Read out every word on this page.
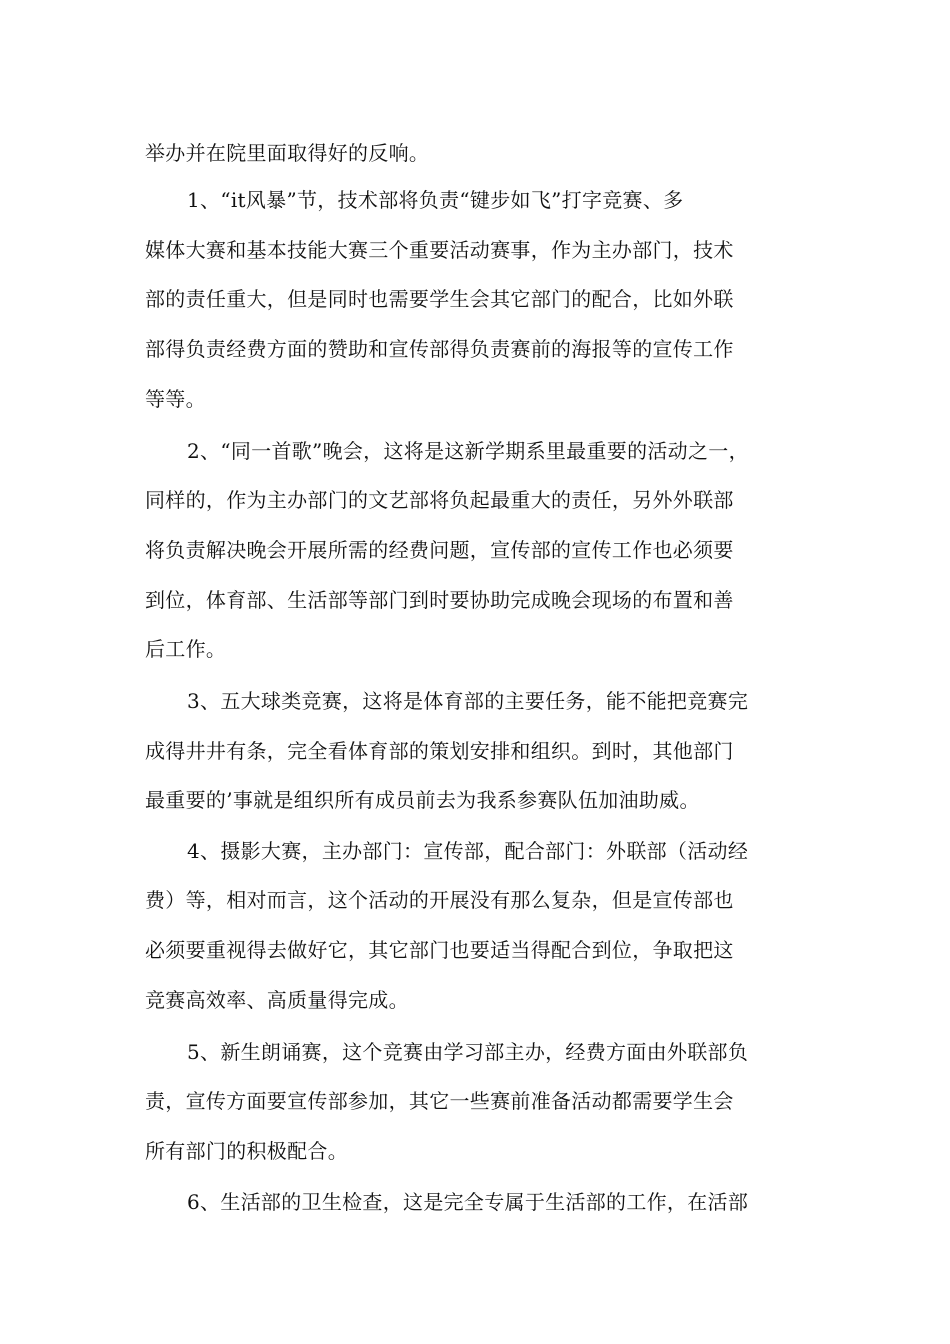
举办并在院里面取得好的反响。
1、“it风暴”节，技术部将负责“键步如飞”打字竞赛、多
媒体大赛和基本技能大赛三个重要活动赛事，作为主办部门，技术
部的责任重大，但是同时也需要学生会其它部门的配合，比如外联
部得负责经费方面的赞助和宣传部得负责赛前的海报等的宣传工作
等等。
2、“同一首歌”晚会，这将是这新学期系里最重要的活动之一，
同样的，作为主办部门的文艺部将负起最重大的责任，另外外联部
将负责解决晚会开展所需的经费问题，宣传部的宣传工作也必须要
到位，体育部、生活部等部门到时要协助完成晚会现场的布置和善
后工作。
3、五大球类竞赛，这将是体育部的主要任务，能不能把竞赛完
成得井井有条，完全看体育部的策划安排和组织。到时，其他部门
最重要的’事就是组织所有成员前去为我系参赛队伍加油助威。
4、摄影大赛，主办部门：宣传部，配合部门：外联部（活动经
费）等，相对而言，这个活动的开展没有那么复杂，但是宣传部也
必须要重视得去做好它，其它部门也要适当得配合到位，争取把这
竞赛高效率、高质量得完成。
5、新生朗诵赛，这个竞赛由学习部主办，经费方面由外联部负
责，宣传方面要宣传部参加，其它一些赛前准备活动都需要学生会
所有部门的积极配合。
6、生活部的卫生检查，这是完全专属于生活部的工作，在活部
